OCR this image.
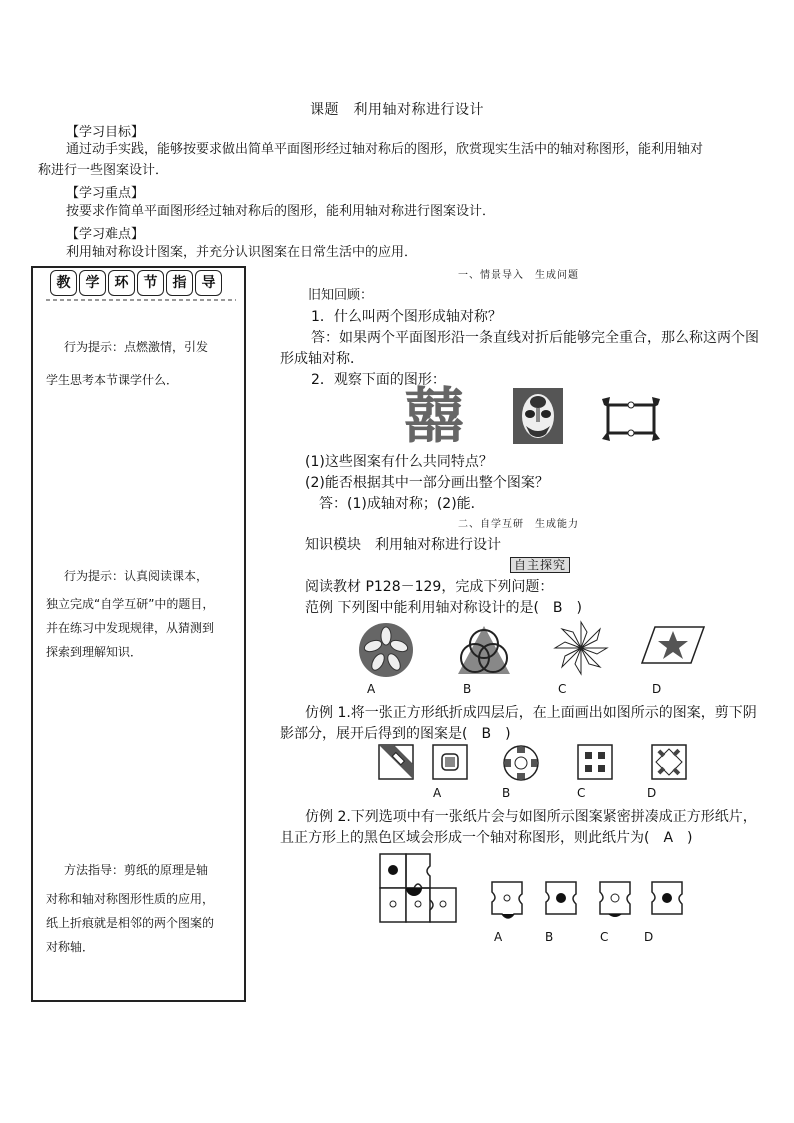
课题　利用轴对称进行设计
【学习目标】
通过动手实践，能够按要求做出简单平面图形经过轴对称后的图形，欣赏现实生活中的轴对称图形，能利用轴对
称进行一些图案设计．
【学习重点】
按要求作简单平面图形经过轴对称后的图形，能利用轴对称进行图案设计．
【学习难点】
利用轴对称设计图案，并充分认识图案在日常生活中的应用．
教 学 环 节 指 导
行为提示：点燃激情，引发
学生思考本节课学什么．
行为提示：认真阅读课本，
独立完成“自学互研”中的题目，
并在练习中发现规律，从猜测到
探索到理解知识．
方法指导：剪纸的原理是轴
对称和轴对称图形性质的应用，
纸上折痕就是相邻的两个图案的
对称轴．
一、情景导入　生成问题
旧知回顾：
1．什么叫两个图形成轴对称？
答：如果两个平面图形沿一条直线对折后能够完全重合，那么称这两个图
形成轴对称．
2．观察下面的图形：
囍
(1)这些图案有什么共同特点？
(2)能否根据其中一部分画出整个图案？
答：(1)成轴对称；(2)能．
二、自学互研　生成能力
知识模块　利用轴对称进行设计
自主探究
阅读教材 P128－129，完成下列问题：
范例 下列图中能利用轴对称设计的是(　B　)
A	B	C	D
仿例 1.将一张正方形纸折成四层后，在上面画出如图所示的图案，剪下阴
影部分，展开后得到的图案是(　B　)
A	B	C	D
仿例 2.下列选项中有一张纸片会与如图所示图案紧密拼凑成正方形纸片，
且正方形上的黑色区域会形成一个轴对称图形，则此纸片为(　A　)
A	B	C	D
